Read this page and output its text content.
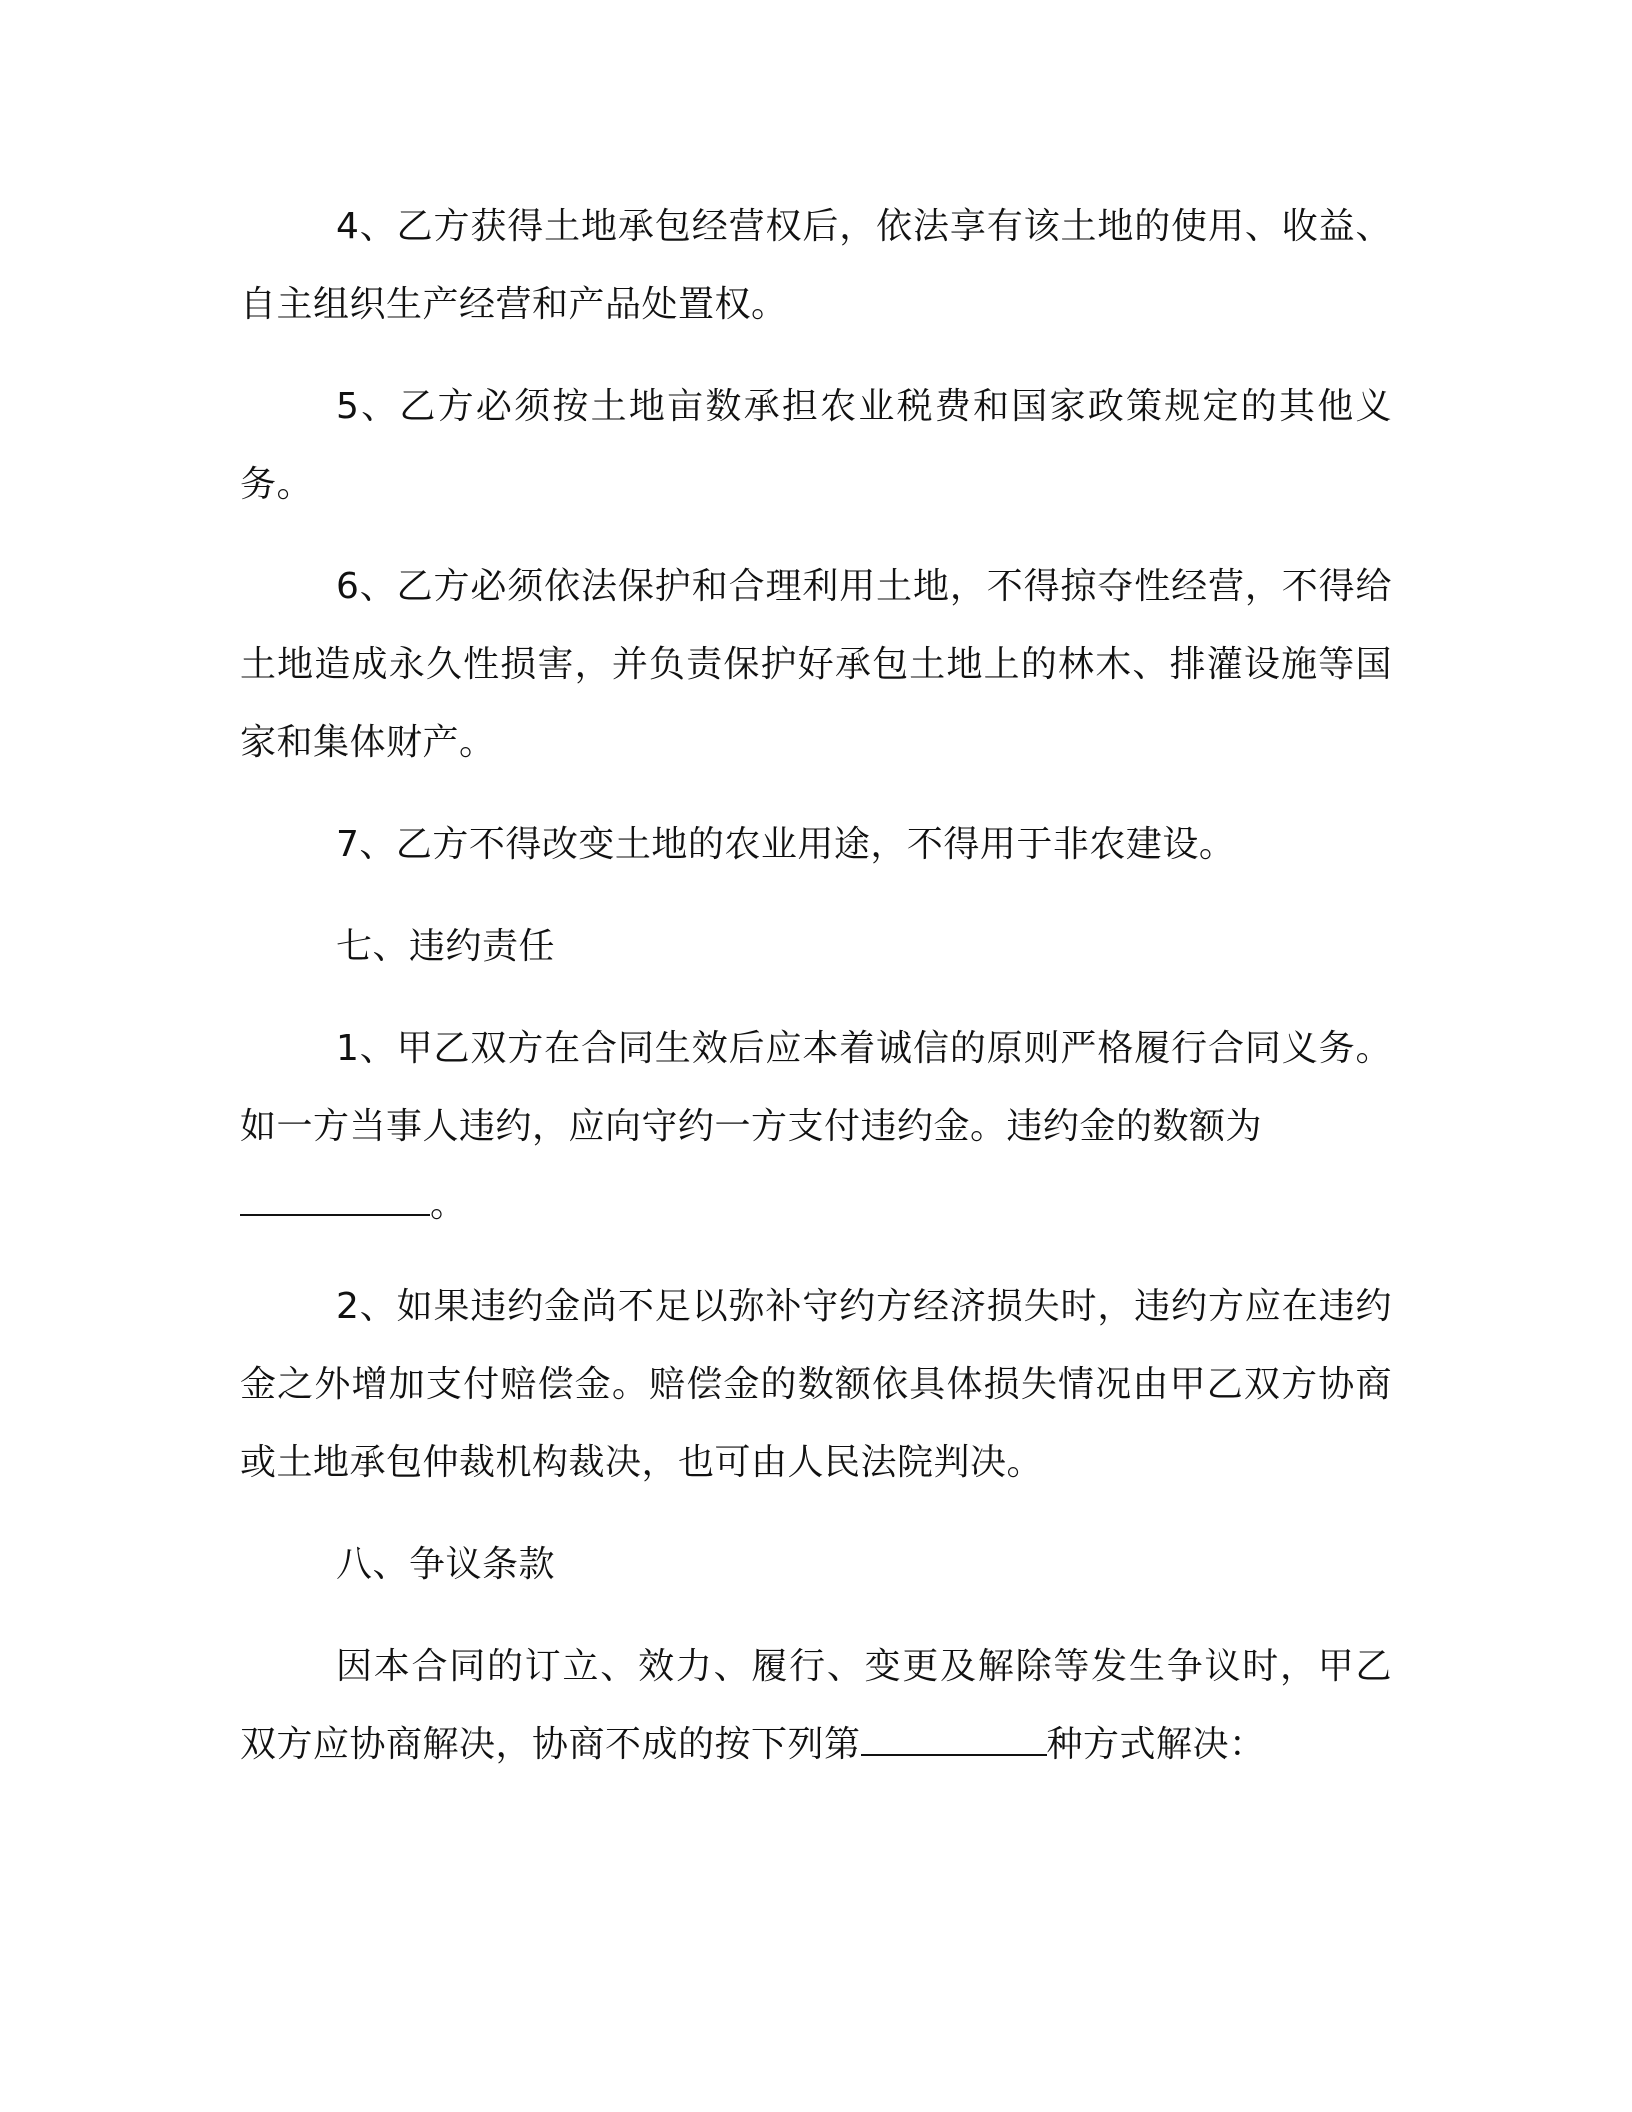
4、乙方获得土地承包经营权后，依法享有该土地的使用、收益、自主组织生产经营和产品处置权。

5、乙方必须按土地亩数承担农业税费和国家政策规定的其他义务。

6、乙方必须依法保护和合理利用土地，不得掠夺性经营，不得给土地造成永久性损害，并负责保护好承包土地上的林木、排灌设施等国家和集体财产。

7、乙方不得改变土地的农业用途，不得用于非农建设。

七、违约责任

1、甲乙双方在合同生效后应本着诚信的原则严格履行合同义务。如一方当事人违约，应向守约一方支付违约金。违约金的数额为
。

2、如果违约金尚不足以弥补守约方经济损失时，违约方应在违约金之外增加支付赔偿金。赔偿金的数额依具体损失情况由甲乙双方协商或土地承包仲裁机构裁决，也可由人民法院判决。

八、争议条款

因本合同的订立、效力、履行、变更及解除等发生争议时，甲乙双方应协商解决，协商不成的按下列第	种方式解决：
